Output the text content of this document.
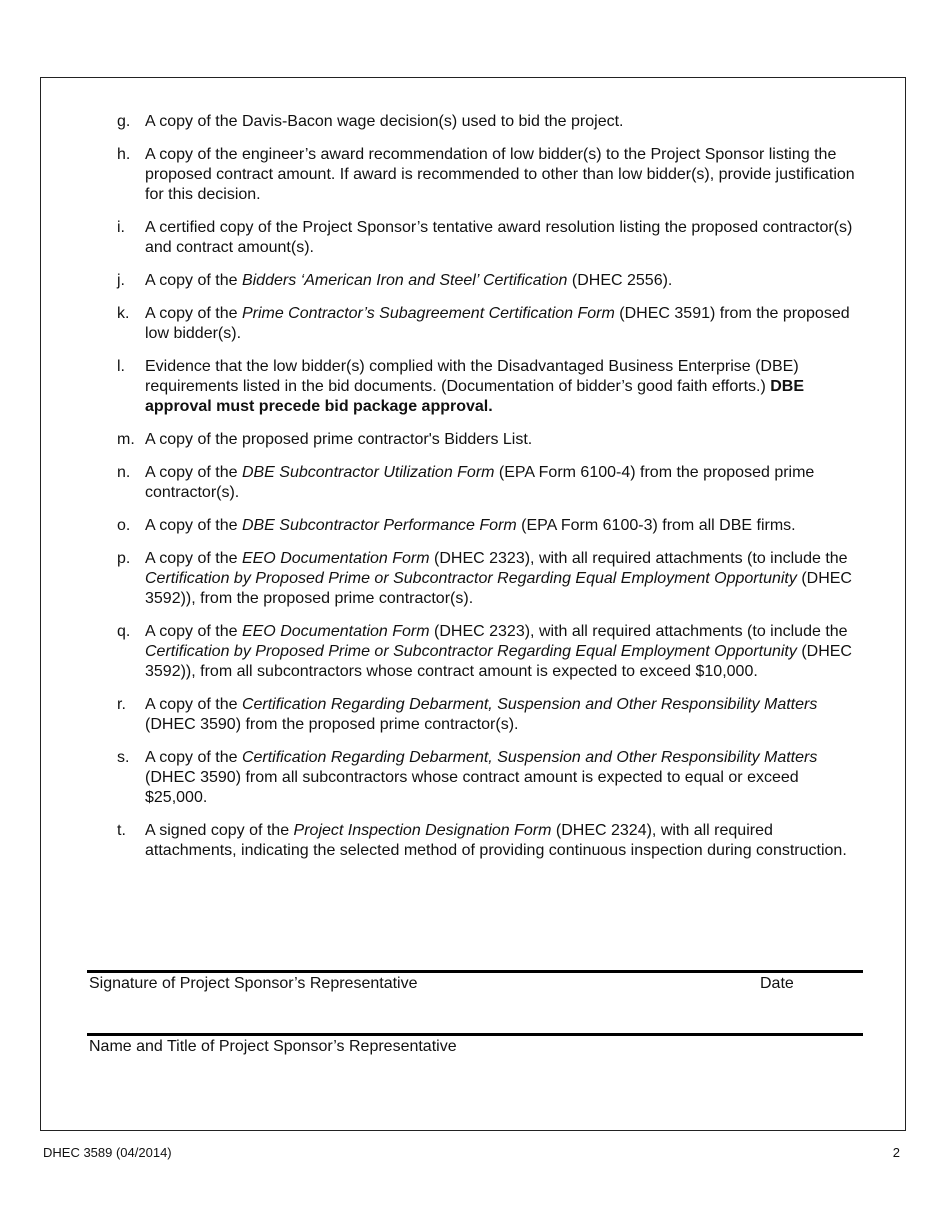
g. A copy of the Davis-Bacon wage decision(s) used to bid the project.
h. A copy of the engineer’s award recommendation of low bidder(s) to the Project Sponsor listing the proposed contract amount. If award is recommended to other than low bidder(s), provide justification for this decision.
i. A certified copy of the Project Sponsor’s tentative award resolution listing the proposed contractor(s) and contract amount(s).
j. A copy of the Bidders ‘American Iron and Steel’ Certification (DHEC 2556).
k. A copy of the Prime Contractor’s Subagreement Certification Form (DHEC 3591) from the proposed low bidder(s).
l. Evidence that the low bidder(s) complied with the Disadvantaged Business Enterprise (DBE) requirements listed in the bid documents. (Documentation of bidder’s good faith efforts.) DBE approval must precede bid package approval.
m. A copy of the proposed prime contractor's Bidders List.
n. A copy of the DBE Subcontractor Utilization Form (EPA Form 6100-4) from the proposed prime contractor(s).
o. A copy of the DBE Subcontractor Performance Form (EPA Form 6100-3) from all DBE firms.
p. A copy of the EEO Documentation Form (DHEC 2323), with all required attachments (to include the Certification by Proposed Prime or Subcontractor Regarding Equal Employment Opportunity (DHEC 3592)), from the proposed prime contractor(s).
q. A copy of the EEO Documentation Form (DHEC 2323), with all required attachments (to include the Certification by Proposed Prime or Subcontractor Regarding Equal Employment Opportunity (DHEC 3592)), from all subcontractors whose contract amount is expected to exceed $10,000.
r. A copy of the Certification Regarding Debarment, Suspension and Other Responsibility Matters (DHEC 3590) from the proposed prime contractor(s).
s. A copy of the Certification Regarding Debarment, Suspension and Other Responsibility Matters (DHEC 3590) from all subcontractors whose contract amount is expected to equal or exceed $25,000.
t. A signed copy of the Project Inspection Designation Form (DHEC 2324), with all required attachments, indicating the selected method of providing continuous inspection during construction.
Signature of Project Sponsor’s Representative	Date
Name and Title of Project Sponsor’s Representative
DHEC 3589 (04/2014)	2
